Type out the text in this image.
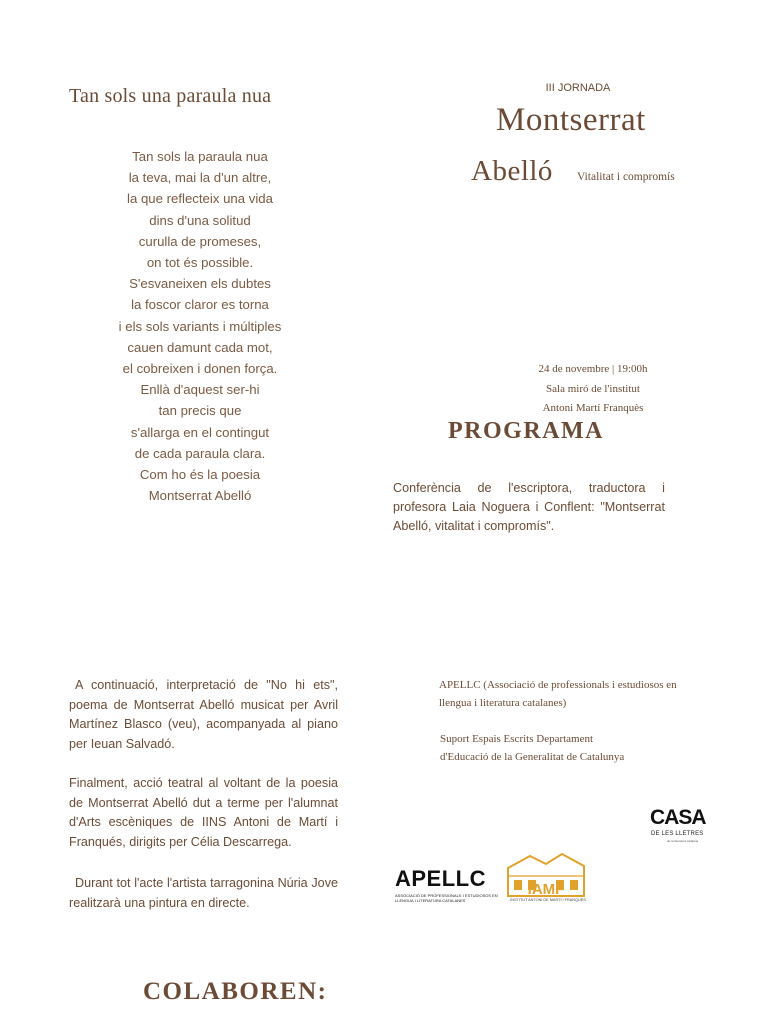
Tan sols una paraula nua
Tan sols la paraula nua
la teva, mai la d'un altre,
la que reflecteix una vida
dins d'una solitud
curulla de promeses,
on tot és possible.
S'esvaneixen els dubtes
la foscor claror es torna
i els sols variants i múltiples
cauen damunt cada mot,
el cobreixen i donen força.
Enllà d'aquest ser-hi
tan precis que
s'allarga en el contingut
de cada paraula clara.
Com ho és la poesia
Montserrat Abelló
III JORNADA
Montserrat
Abelló Vitalitat i compromís
24 de novembre | 19:00h
Sala miró de l'institut
Antoni Martí Franquès
PROGRAMA
Conferència de l'escriptora, traductora i profesora Laia Noguera i Conflent: "Montserrat Abelló, vitalitat i compromís".

A continuació, interpretació de "No hi ets", poema de Montserrat Abelló musicat per Avril Martínez Blasco (veu), acompanyada al piano per Ieuan Salvadó.

Finalment, acció teatral al voltant de la poesia de Montserrat Abelló dut a terme per l'alumnat d'Arts escèniques de IINS Antoni de Martí i Franqués, dirigits per Célia Descarrega.

Durant tot l'acte l'artista tarragonina Núria Jove realitzarà una pintura en directe.

APELLC (Associació de professionals i estudiosos en llengua i literatura catalanes)
Suport Espais Escrits Departament
d'Educació de la Generalitat de Catalunya
COLABOREN:
CASA
DE LES LLETRES
de la literatura catalana
APELLC
ASSOCIACIÓ DE PROFESSIONALS I ESTUDIOSOS EN LLENGUA I LITERATURA CATALANES
IAMF
INSTITUT ANTONI DE MARTÍ I FRANQUÈS
